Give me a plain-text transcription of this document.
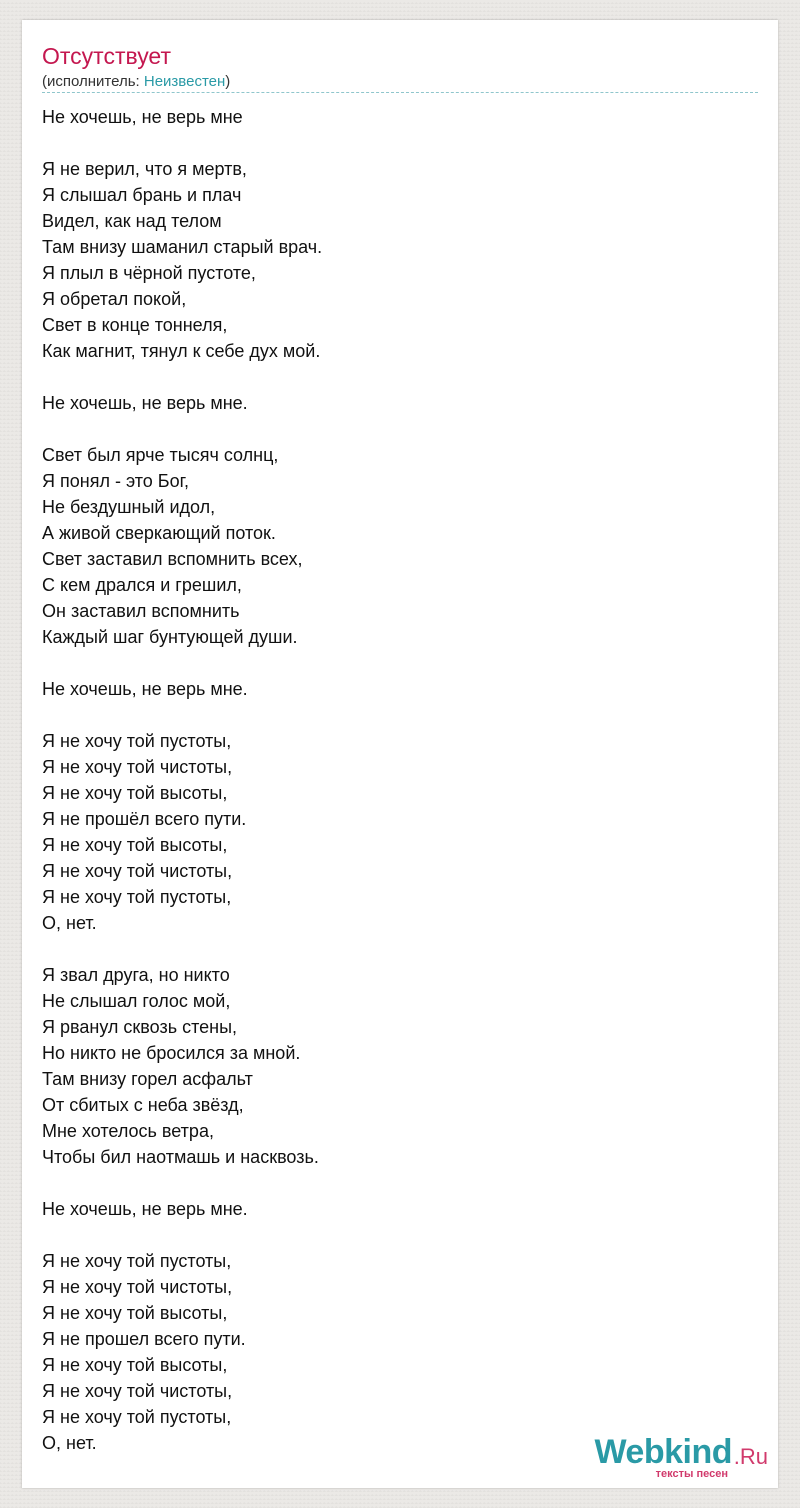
Отсутствует
(исполнитель: Неизвестен)
Не хочешь, не верь мне
Я не верил, что я мертв,
Я слышал брань и плач
Видел, как над телом
Там внизу шаманил старый врач.
Я плыл в чёрной пустоте,
Я обретал покой,
Свет в конце тоннеля,
Как магнит, тянул к себе дух мой.
Не хочешь, не верь мне.
Свет был ярче тысяч солнц,
Я понял - это Бог,
Не бездушный идол,
А живой сверкающий поток.
Свет заставил вспомнить всех,
С кем дрался и грешил,
Он заставил вспомнить
Каждый шаг бунтующей души.
Не хочешь, не верь мне.
Я не хочу той пустоты,
Я не хочу той чистоты,
Я не хочу той высоты,
Я не прошёл всего пути.
Я не хочу той высоты,
Я не хочу той чистоты,
Я не хочу той пустоты,
О, нет.
Я звал друга, но никто
Не слышал голос мой,
Я рванул сквозь стены,
Но никто не бросился за мной.
Там внизу горел асфальт
От сбитых с неба звёзд,
Мне хотелось ветра,
Чтобы бил наотмашь и насквозь.
Не хочешь, не верь мне.
Я не хочу той пустоты,
Я не хочу той чистоты,
Я не хочу той высоты,
Я не прошел всего пути.
Я не хочу той высоты,
Я не хочу той чистоты,
Я не хочу той пустоты,
О, нет.	Webkind .Ru
тексты песен
